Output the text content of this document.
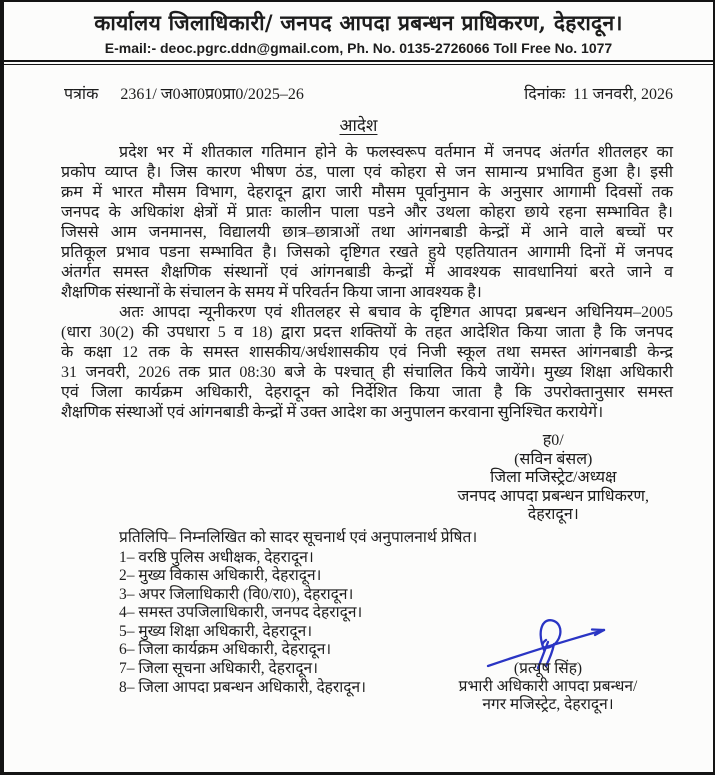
कार्यालय जिलाधिकारी/ जनपद आपदा प्रबन्धन प्राधिकरण, देहरादून।
E-mail:- deoc.pgrc.ddn@gmail.com, Ph. No. 0135-2726066 Toll Free No. 1077
पत्रांक 2361/ ज0आ0प्र0प्रा0/2025–26	दिनांकः 11 जनवरी, 2026
आदेश
प्रदेश भर में शीतकाल गतिमान होने के फलस्वरूप वर्तमान में जनपद अंतर्गत शीतलहर का
प्रकोप व्याप्त है। जिस कारण भीषण ठंड, पाला एवं कोहरा से जन सामान्य प्रभावित हुआ है। इसी
क्रम में भारत मौसम विभाग, देहरादून द्वारा जारी मौसम पूर्वानुमान के अनुसार आगामी दिवसों तक
जनपद के अधिकांश क्षेत्रों में प्रातः कालीन पाला पडने और उथला कोहरा छाये रहना सम्भावित है।
जिससे आम जनमानस, विद्यालयी छात्र–छात्राओं तथा आंगनबाडी केन्द्रों में आने वाले बच्चों पर
प्रतिकूल प्रभाव पडना सम्भावित है। जिसको दृष्टिगत रखते हुये एहतियातन आगामी दिनों में जनपद
अंतर्गत समस्त शैक्षणिक संस्थानों एवं आंगनबाडी केन्द्रों में आवश्यक सावधानियां बरते जाने व
शैक्षणिक संस्थानों के संचालन के समय में परिवर्तन किया जाना आवश्यक है।
अतः आपदा न्यूनीकरण एवं शीतलहर से बचाव के दृष्टिगत आपदा प्रबन्धन अधिनियम–2005
(धारा 30(2) की उपधारा 5 व 18) द्वारा प्रदत्त शक्तियों के तहत आदेशित किया जाता है कि जनपद
के कक्षा 12 तक के समस्त शासकीय/अर्धशासकीय एवं निजी स्कूल तथा समस्त आंगनबाडी केन्द्र
31 जनवरी, 2026 तक प्रात 08:30 बजे के पश्चात् ही संचालित किये जायेंगे। मुख्य शिक्षा अधिकारी
एवं जिला कार्यक्रम अधिकारी, देहरादून को निर्देशित किया जाता है कि उपरोक्तानुसार समस्त
शैक्षणिक संस्थाओं एवं आंगनबाडी केन्द्रों में उक्त आदेश का अनुपालन करवाना सुनिश्चित करायेगें।
ह0/
(सविन बंसल)
जिला मजिस्ट्रेट/अध्यक्ष
जनपद आपदा प्रबन्धन प्राधिकरण,
देहरादून।
प्रतिलिपि– निम्नलिखित को सादर सूचनार्थ एवं अनुपालनार्थ प्रेषित।
1– वरष्ठि पुलिस अधीक्षक, देहरादून।
2– मुख्य विकास अधिकारी, देहरादून।
3– अपर जिलाधिकारी (वि0/रा0), देहरादून।
4– समस्त उपजिलाधिकारी, जनपद देहरादून।
5– मुख्य शिक्षा अधिकारी, देहरादून।
6– जिला कार्यक्रम अधिकारी, देहरादून।
7– जिला सूचना अधिकारी, देहरादून।
8– जिला आपदा प्रबन्धन अधिकारी, देहरादून।
(प्रत्यूष सिंह)
प्रभारी अधिकारी आपदा प्रबन्धन/
नगर मजिस्ट्रेट, देहरादून।
